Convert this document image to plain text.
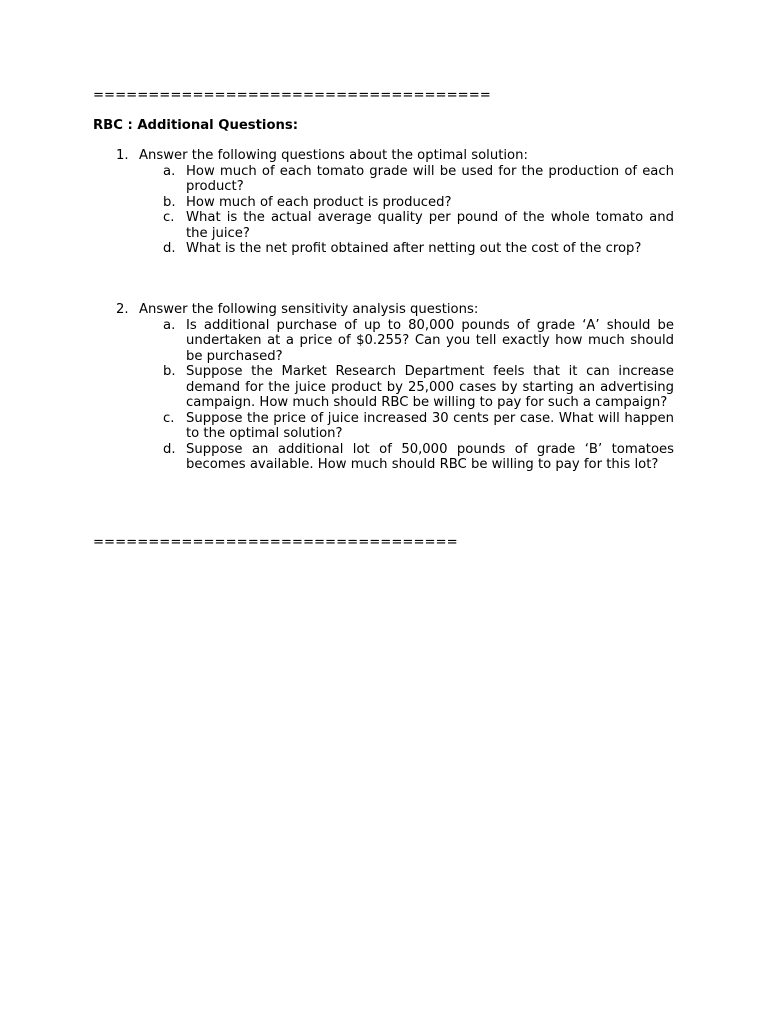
====================================
RBC : Additional Questions:
1. Answer the following questions about the optimal solution:
a. How much of each tomato grade will be used for the production of each product?
b. How much of each product is produced?
c. What is the actual average quality per pound of the whole tomato and the juice?
d. What is the net profit obtained after netting out the cost of the crop?
2. Answer the following sensitivity analysis questions:
a. Is additional purchase of up to 80,000 pounds of grade ‘A’ should be undertaken at a price of $0.255? Can you tell exactly how much should be purchased?
b. Suppose the Market Research Department feels that it can increase demand for the juice product by 25,000 cases by starting an advertising campaign. How much should RBC be willing to pay for such a campaign?
c. Suppose the price of juice increased 30 cents per case. What will happen to the optimal solution?
d. Suppose an additional lot of 50,000 pounds of grade ‘B’ tomatoes becomes available. How much should RBC be willing to pay for this lot?
=================================
